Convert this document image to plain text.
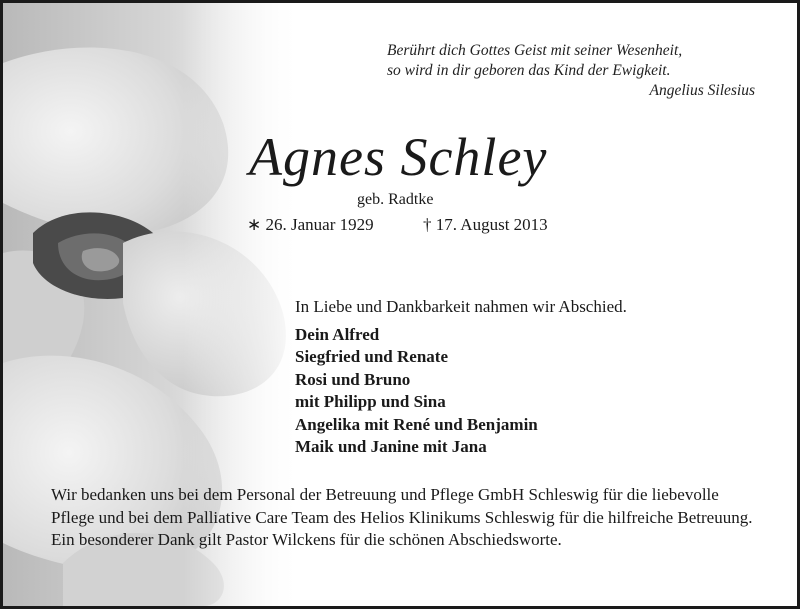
Berührt dich Gottes Geist mit seiner Wesenheit,
so wird in dir geboren das Kind der Ewigkeit.
Angelius Silesius
Agnes Schley
geb. Radtke
∗ 26. Januar 1929	† 17. August 2013
In Liebe und Dankbarkeit nahmen wir Abschied.
Dein Alfred
Siegfried und Renate
Rosi und Bruno
mit Philipp und Sina
Angelika mit René und Benjamin
Maik und Janine mit Jana

Wir bedanken uns bei dem Personal der Betreuung und Pflege GmbH Schleswig für die liebevolle Pflege und bei dem Palliative Care Team des Helios Klinikums Schleswig für die hilfreiche Betreuung.

Ein besonderer Dank gilt Pastor Wilckens für die schönen Abschiedsworte.
